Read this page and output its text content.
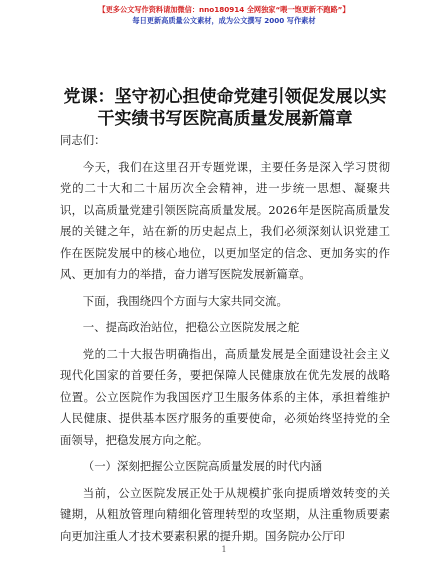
【更多公文写作资料请加微信：nno180914 全网独家“喂一饱更新不跑路”】
每日更新高质量公文素材，成为公文撰写 2000 写作素材
党课：坚守初心担使命党建引领促发展以实干实绩书写医院高质量发展新篇章

同志们：

今天，我们在这里召开专题党课，主要任务是深入学习贯彻党的二十大和二十届历次全会精神，进一步统一思想、凝聚共识，以高质量党建引领医院高质量发展。2026年是医院高质量发展的关键之年，站在新的历史起点上，我们必须深刻认识党建工作在医院发展中的核心地位，以更加坚定的信念、更加务实的作风、更加有力的举措，奋力谱写医院发展新篇章。

下面，我围绕四个方面与大家共同交流。

一、提高政治站位，把稳公立医院发展之舵

党的二十大报告明确指出，高质量发展是全面建设社会主义现代化国家的首要任务，要把保障人民健康放在优先发展的战略位置。公立医院作为我国医疗卫生服务体系的主体，承担着维护人民健康、提供基本医疗服务的重要使命，必须始终坚持党的全面领导，把稳发展方向之舵。

（一）深刻把握公立医院高质量发展的时代内涵

当前，公立医院发展正处于从规模扩张向提质增效转变的关键期，从粗放管理向精细化管理转型的攻坚期，从注重物质要素向更加注重人才技术要素积累的提升期。国务院办公厅印

1
